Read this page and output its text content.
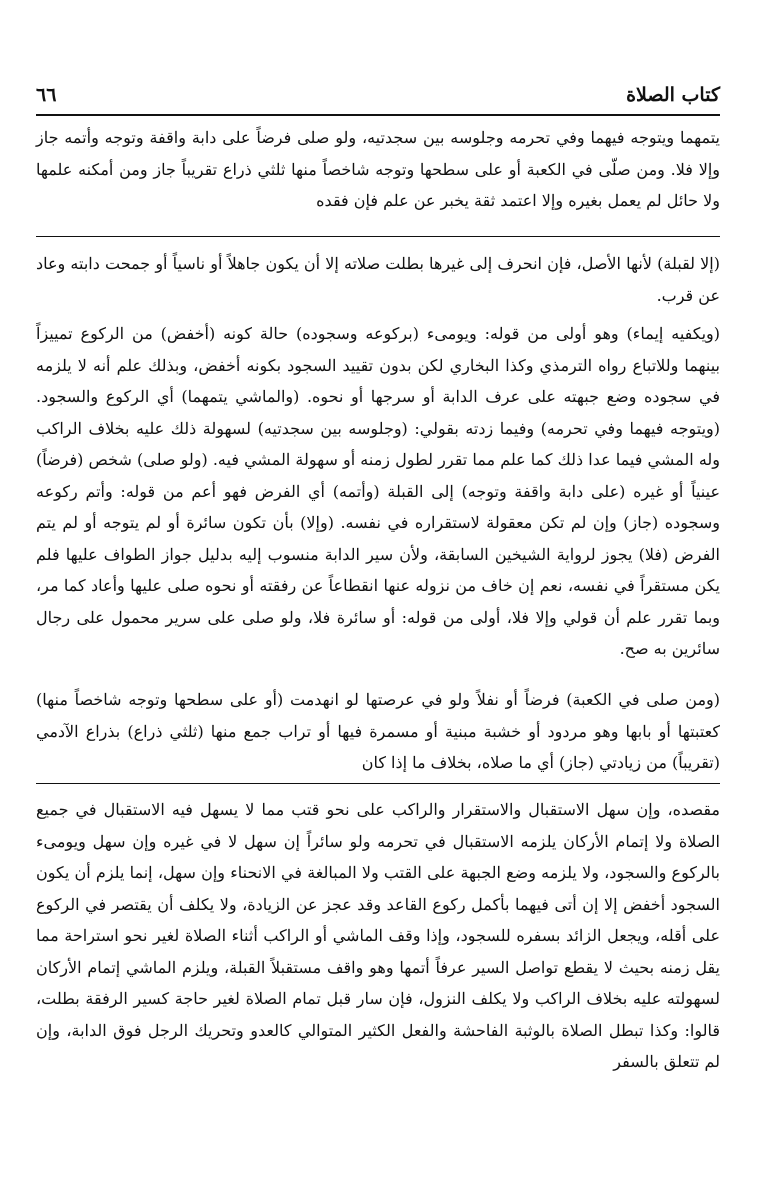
كتاب الصلاة
٦٦

يتمهما ويتوجه فيهما وفي تحرمه وجلوسه بين سجدتيه، ولو صلى فرضاً على دابة واقفة وتوجه وأتمه جاز وإلا فلا. ومن صلّى في الكعبة أو على سطحها وتوجه شاخصاً منها ثلثي ذراع تقريباً جاز ومن أمكنه علمها ولا حائل لم يعمل بغيره وإلا اعتمد ثقة يخبر عن علم فإن فقده

(إلا لقبلة) لأنها الأصل، فإن انحرف إلى غيرها بطلت صلاته إلا أن يكون جاهلاً أو ناسياً أو جمحت دابته وعاد عن قرب.

(ويكفيه إيماء) وهو أولى من قوله: ويومىء (بركوعه وسجوده) حالة كونه (أخفض) من الركوع تمييزاً بينهما وللاتباع رواه الترمذي وكذا البخاري لكن بدون تقييد السجود بكونه أخفض، وبذلك علم أنه لا يلزمه في سجوده وضع جبهته على عرف الدابة أو سرجها أو نحوه. (والماشي يتمهما) أي الركوع والسجود. (ويتوجه فيهما وفي تحرمه) وفيما زدته بقولي: (وجلوسه بين سجدتيه) لسهولة ذلك عليه بخلاف الراكب وله المشي فيما عدا ذلك كما علم مما تقرر لطول زمنه أو سهولة المشي فيه. (ولو صلى) شخص (فرضاً) عينياً أو غيره (على دابة واقفة وتوجه) إلى القبلة (وأتمه) أي الفرض فهو أعم من قوله: وأتم ركوعه وسجوده (جاز) وإن لم تكن معقولة لاستقراره في نفسه. (وإلا) بأن تكون سائرة أو لم يتوجه أو لم يتم الفرض (فلا) يجوز لرواية الشيخين السابقة، ولأن سير الدابة منسوب إليه بدليل جواز الطواف عليها فلم يكن مستقراً في نفسه، نعم إن خاف من نزوله عنها انقطاعاً عن رفقته أو نحوه صلى عليها وأعاد كما مر، وبما تقرر علم أن قولي وإلا فلا، أولى من قوله: أو سائرة فلا، ولو صلى على سرير محمول على رجال سائرين به صح.

(ومن صلى في الكعبة) فرضاً أو نفلاً ولو في عرصتها لو انهدمت (أو على سطحها وتوجه شاخصاً منها) كعتبتها أو بابها وهو مردود أو خشبة مبنية أو مسمرة فيها أو تراب جمع منها (ثلثي ذراع) بذراع الآدمي (تقريباً) من زيادتي (جاز) أي ما صلاه، بخلاف ما إذا كان

مقصده، وإن سهل الاستقبال والاستقرار والراكب على نحو قتب مما لا يسهل فيه الاستقبال في جميع الصلاة ولا إتمام الأركان يلزمه الاستقبال في تحرمه ولو سائراً إن سهل لا في غيره وإن سهل ويومىء بالركوع والسجود، ولا يلزمه وضع الجبهة على القتب ولا المبالغة في الانحناء وإن سهل، إنما يلزم أن يكون السجود أخفض إلا إن أتى فيهما بأكمل ركوع القاعد وقد عجز عن الزيادة، ولا يكلف أن يقتصر في الركوع على أقله، ويجعل الزائد بسفره للسجود، وإذا وقف الماشي أو الراكب أثناء الصلاة لغير نحو استراحة مما يقل زمنه بحيث لا يقطع تواصل السير عرفاً أتمها وهو واقف مستقبلاً القبلة، ويلزم الماشي إتمام الأركان لسهولته عليه بخلاف الراكب ولا يكلف النزول، فإن سار قبل تمام الصلاة لغير حاجة كسير الرفقة بطلت، قالوا: وكذا تبطل الصلاة بالوثبة الفاحشة والفعل الكثير المتوالي كالعدو وتحريك الرجل فوق الدابة، وإن لم تتعلق بالسفر
